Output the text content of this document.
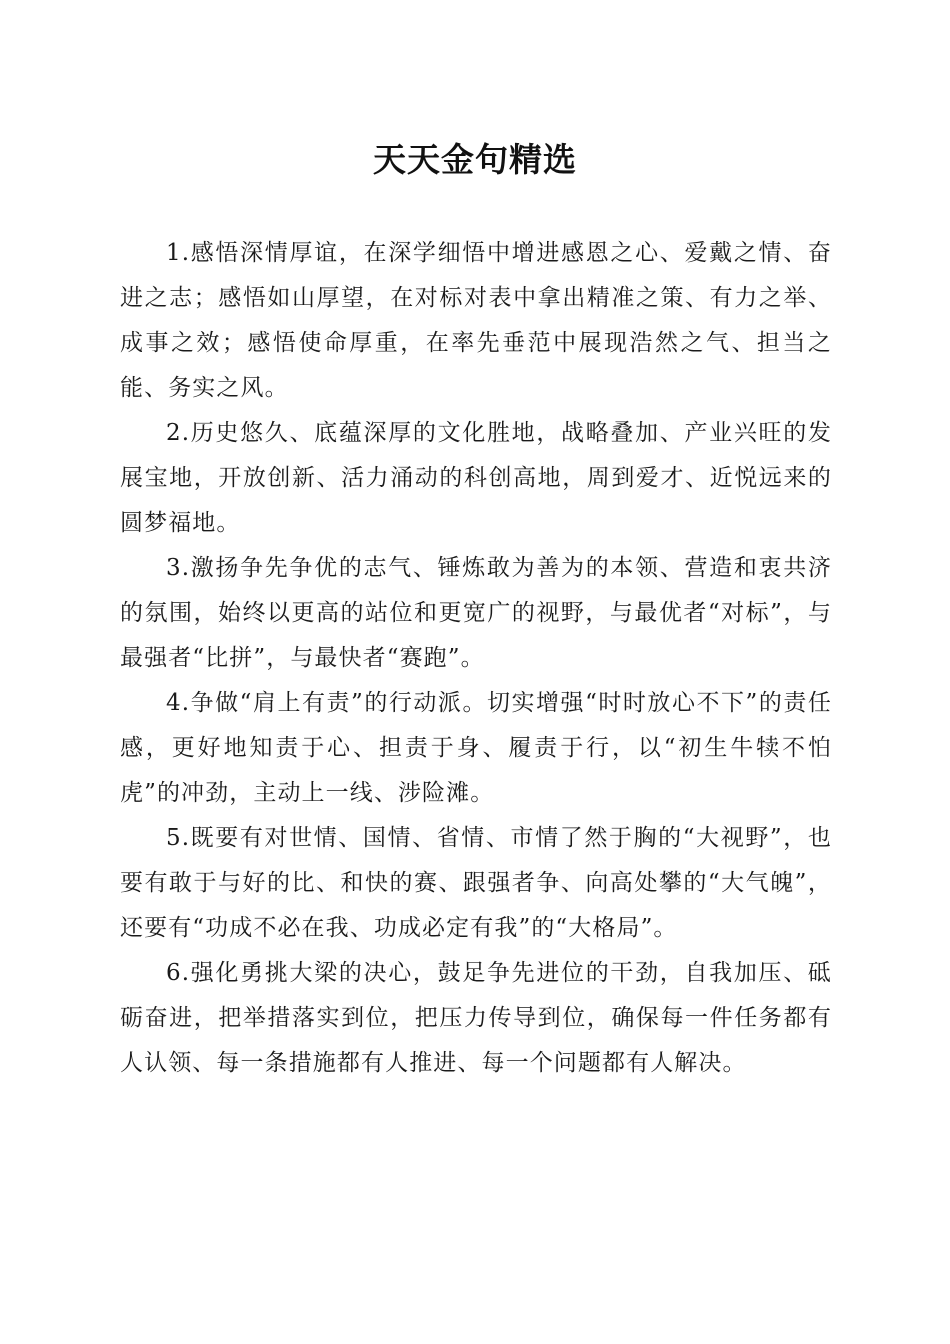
天天金句精选

1.感悟深情厚谊，在深学细悟中增进感恩之心、爱戴之情、奋进之志；感悟如山厚望，在对标对表中拿出精准之策、有力之举、成事之效；感悟使命厚重，在率先垂范中展现浩然之气、担当之能、务实之风。

2.历史悠久、底蕴深厚的文化胜地，战略叠加、产业兴旺的发展宝地，开放创新、活力涌动的科创高地，周到爱才、近悦远来的圆梦福地。

3.激扬争先争优的志气、锤炼敢为善为的本领、营造和衷共济的氛围，始终以更高的站位和更宽广的视野，与最优者“对标”，与最强者“比拼”，与最快者“赛跑”。

4.争做“肩上有责”的行动派。切实增强“时时放心不下”的责任感，更好地知责于心、担责于身、履责于行，以“初生牛犊不怕虎”的冲劲，主动上一线、涉险滩。

5.既要有对世情、国情、省情、市情了然于胸的“大视野”，也要有敢于与好的比、和快的赛、跟强者争、向高处攀的“大气魄”，还要有“功成不必在我、功成必定有我”的“大格局”。

6.强化勇挑大梁的决心，鼓足争先进位的干劲，自我加压、砥砺奋进，把举措落实到位，把压力传导到位，确保每一件任务都有人认领、每一条措施都有人推进、每一个问题都有人解决。
